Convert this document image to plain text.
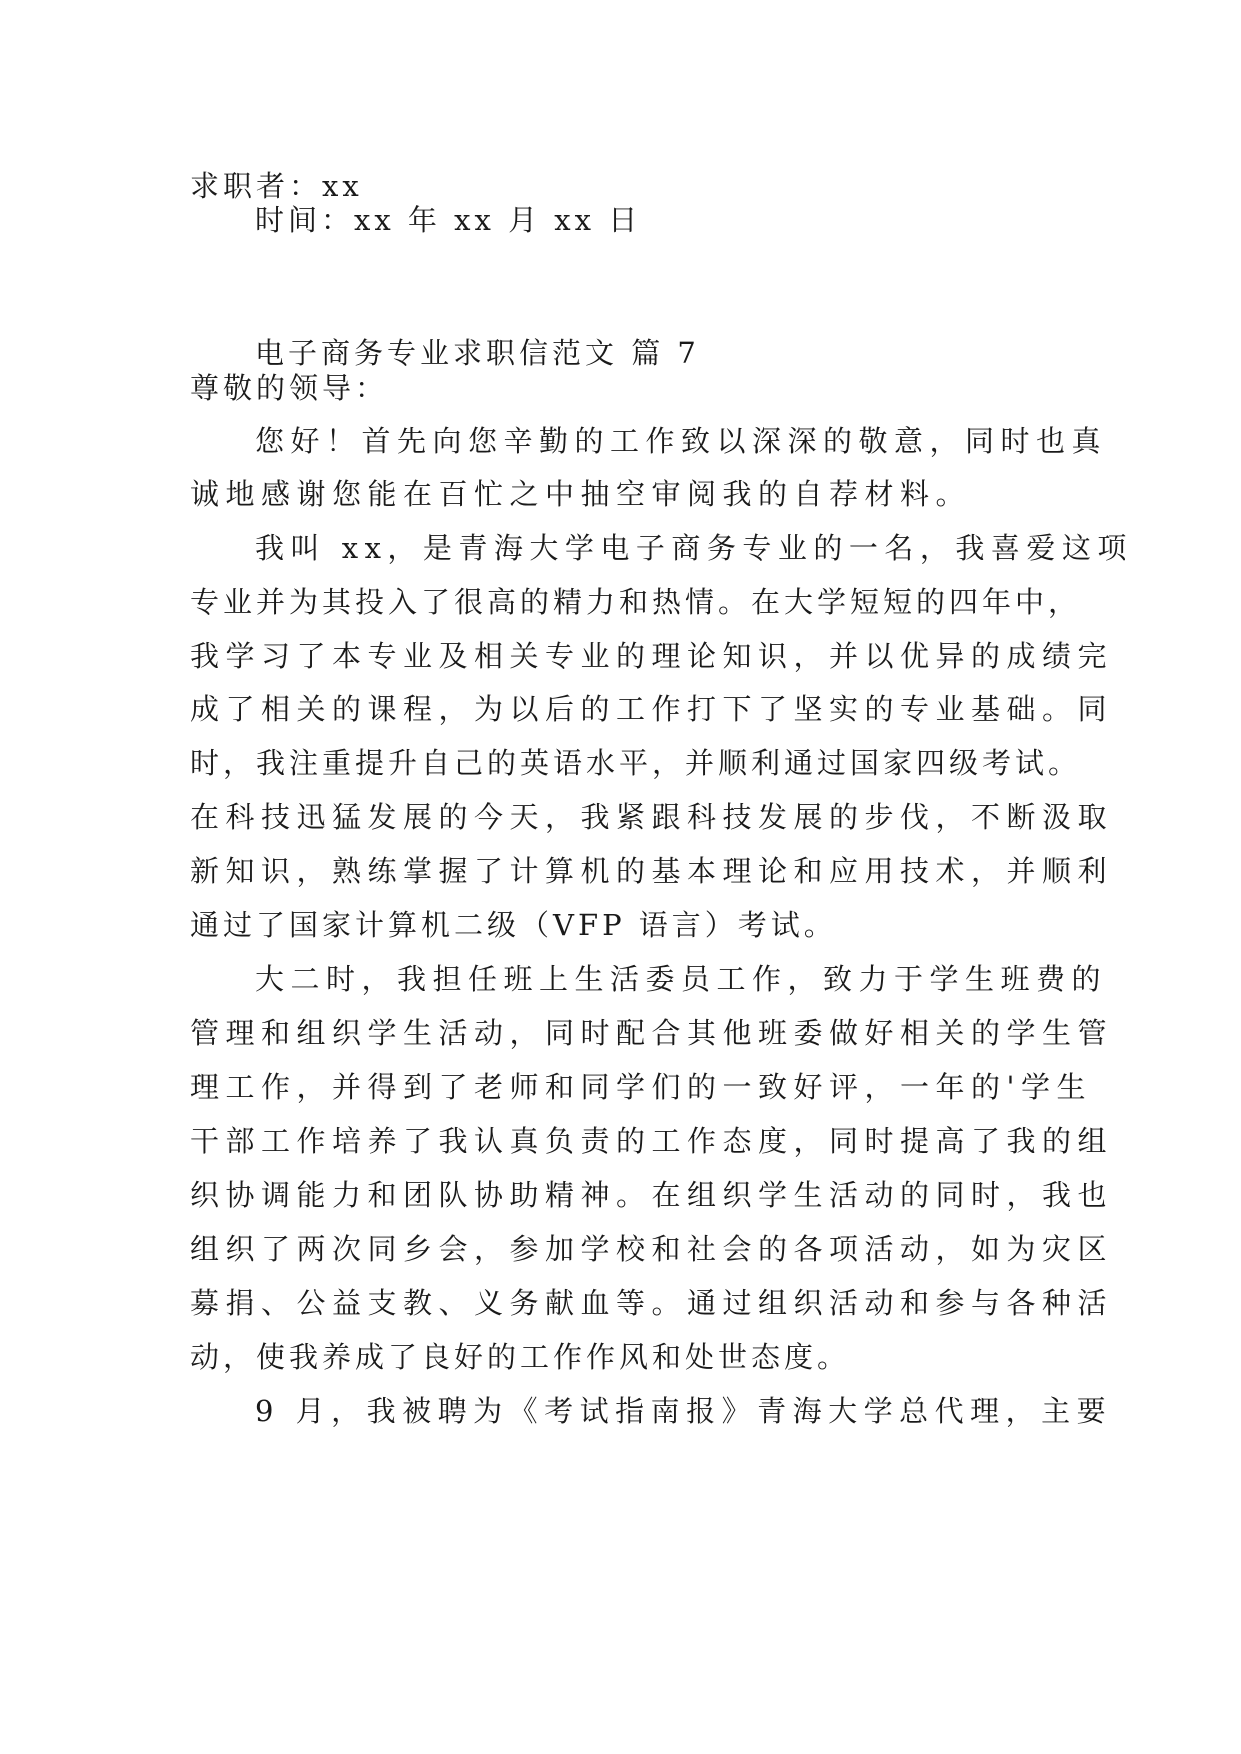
求职者：xx
时间：xx 年 xx 月 xx 日
电子商务专业求职信范文 篇 7
尊敬的领导：
您好！首先向您辛勤的工作致以深深的敬意，同时也真
诚地感谢您能在百忙之中抽空审阅我的自荐材料。
我叫 xx，是青海大学电子商务专业的一名，我喜爱这项
专业并为其投入了很高的精力和热情。在大学短短的四年中，
我学习了本专业及相关专业的理论知识，并以优异的成绩完
成了相关的课程，为以后的工作打下了坚实的专业基础。同
时，我注重提升自己的英语水平，并顺利通过国家四级考试。
在科技迅猛发展的今天，我紧跟科技发展的步伐，不断汲取
新知识，熟练掌握了计算机的基本理论和应用技术，并顺利
通过了国家计算机二级（VFP 语言）考试。
大二时，我担任班上生活委员工作，致力于学生班费的
管理和组织学生活动，同时配合其他班委做好相关的学生管
理工作，并得到了老师和同学们的一致好评，一年的'学生
干部工作培养了我认真负责的工作态度，同时提高了我的组
织协调能力和团队协助精神。在组织学生活动的同时，我也
组织了两次同乡会，参加学校和社会的各项活动，如为灾区
募捐、公益支教、义务献血等。通过组织活动和参与各种活
动，使我养成了良好的工作作风和处世态度。
9 月，我被聘为《考试指南报》青海大学总代理，主要
